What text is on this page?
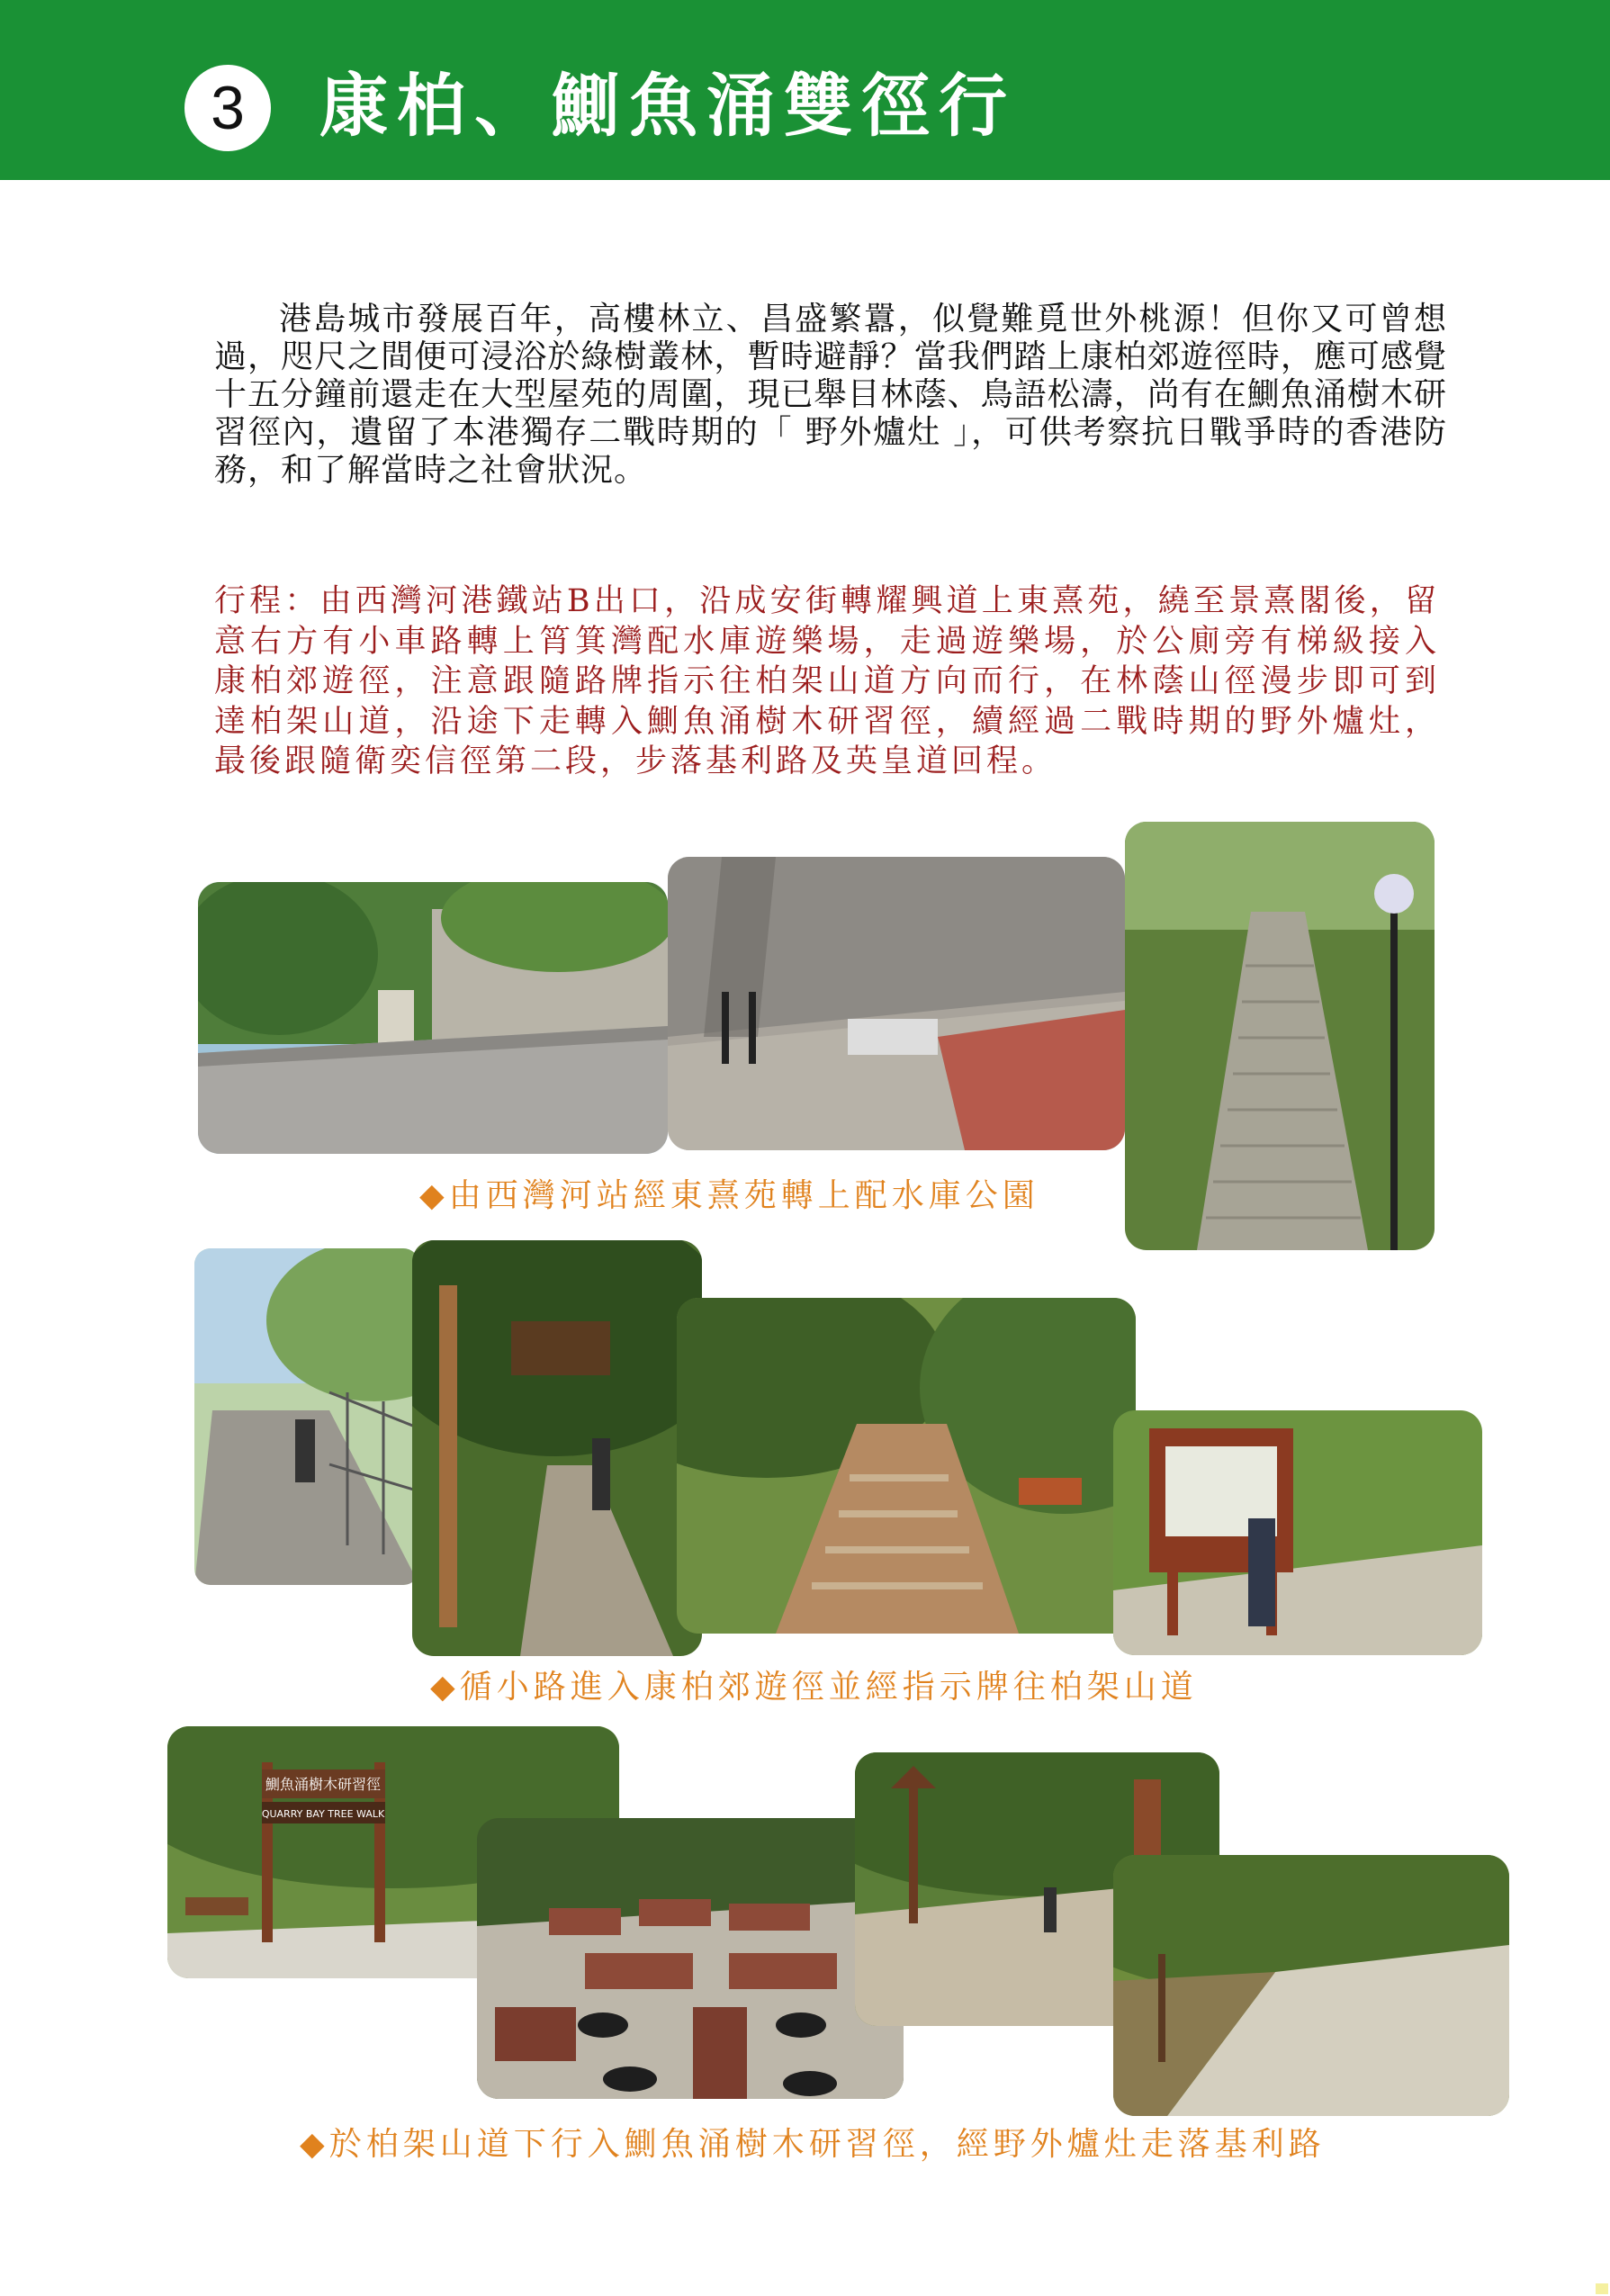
3	康柏、鰂魚涌雙徑行

港島城市發展百年，高樓林立、昌盛繁囂，似覺難覓世外桃源！但你又可曾想過，咫尺之間便可浸浴於綠樹叢林，暫時避靜？當我們踏上康柏郊遊徑時，應可感覺十五分鐘前還走在大型屋苑的周圍，現已舉目林蔭、鳥語松濤，尚有在鰂魚涌樹木研習徑內，遺留了本港獨存二戰時期的「 野外爐灶 」，可供考察抗日戰爭時的香港防務，和了解當時之社會狀況。

行程：由西灣河港鐵站B出口，沿成安街轉耀興道上東熹苑，繞至景熹閣後，留意右方有小車路轉上筲箕灣配水庫遊樂場，走過遊樂場，於公廁旁有梯級接入康柏郊遊徑，注意跟隨路牌指示往柏架山道方向而行，在林蔭山徑漫步即可到達柏架山道，沿途下走轉入鰂魚涌樹木研習徑，續經過二戰時期的野外爐灶，最後跟隨衛奕信徑第二段，步落基利路及英皇道回程。

◆由西灣河站經東熹苑轉上配水庫公園
◆循小路進入康柏郊遊徑並經指示牌往柏架山道
鰂魚涌樹木研習徑
QUARRY BAY TREE WALK
◆於柏架山道下行入鰂魚涌樹木研習徑，經野外爐灶走落基利路
